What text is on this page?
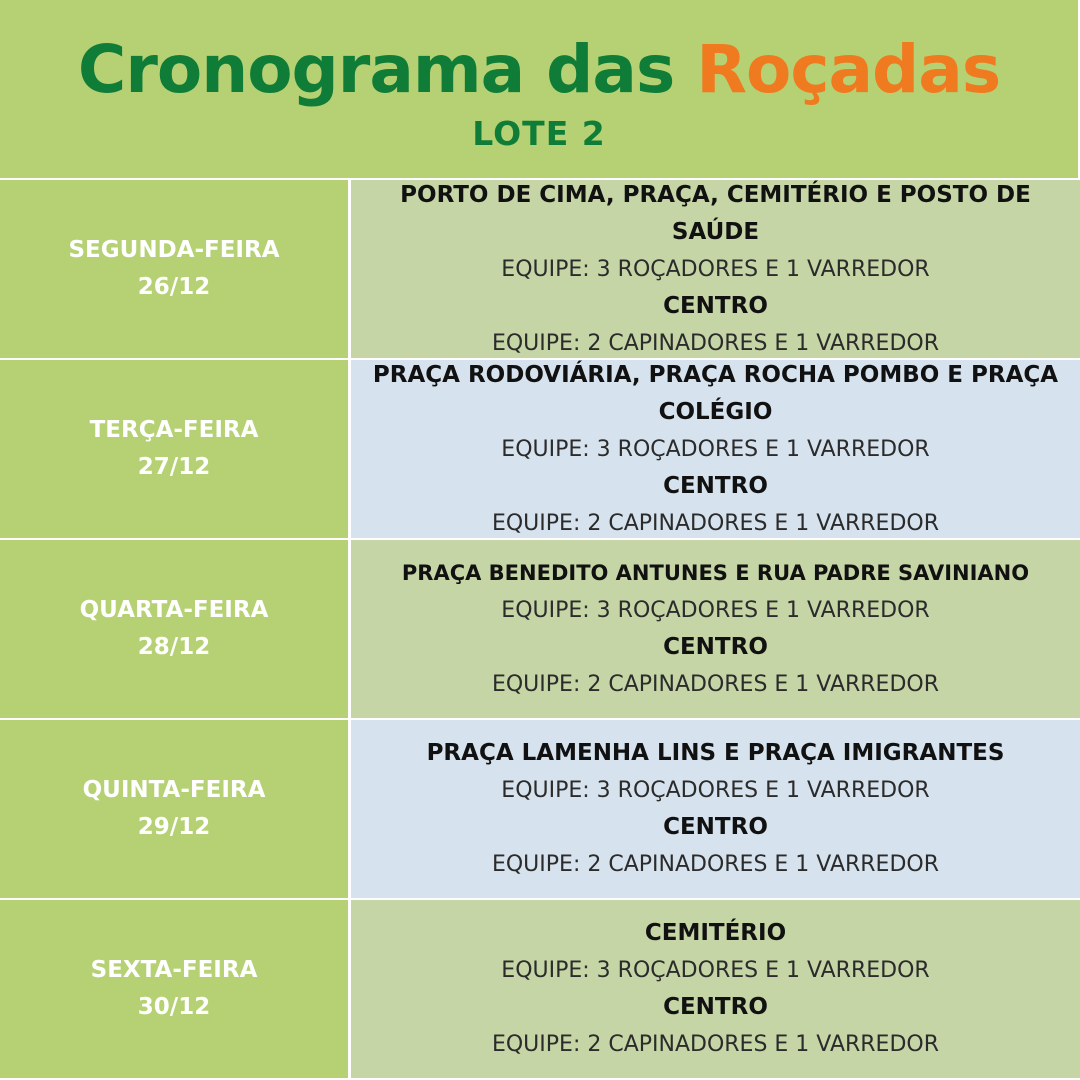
Cronograma das Roçadas
LOTE 2
SEGUNDA-FEIRA
26/12
PORTO DE CIMA, PRAÇA, CEMITÉRIO E POSTO DE SAÚDE
EQUIPE: 3 ROÇADORES E 1 VARREDOR
CENTRO
EQUIPE: 2 CAPINADORES E 1 VARREDOR
TERÇA-FEIRA
27/12
PRAÇA RODOVIÁRIA, PRAÇA ROCHA POMBO E PRAÇA COLÉGIO
EQUIPE: 3 ROÇADORES E 1 VARREDOR
CENTRO
EQUIPE: 2 CAPINADORES E 1 VARREDOR
QUARTA-FEIRA
28/12
PRAÇA BENEDITO ANTUNES E RUA PADRE SAVINIANO
EQUIPE: 3 ROÇADORES E 1 VARREDOR
CENTRO
EQUIPE: 2 CAPINADORES E 1 VARREDOR
QUINTA-FEIRA
29/12
PRAÇA LAMENHA LINS E PRAÇA IMIGRANTES
EQUIPE: 3 ROÇADORES E 1 VARREDOR
CENTRO
EQUIPE: 2 CAPINADORES E 1 VARREDOR
SEXTA-FEIRA
30/12
CEMITÉRIO
EQUIPE: 3 ROÇADORES E 1 VARREDOR
CENTRO
EQUIPE: 2 CAPINADORES E 1 VARREDOR
